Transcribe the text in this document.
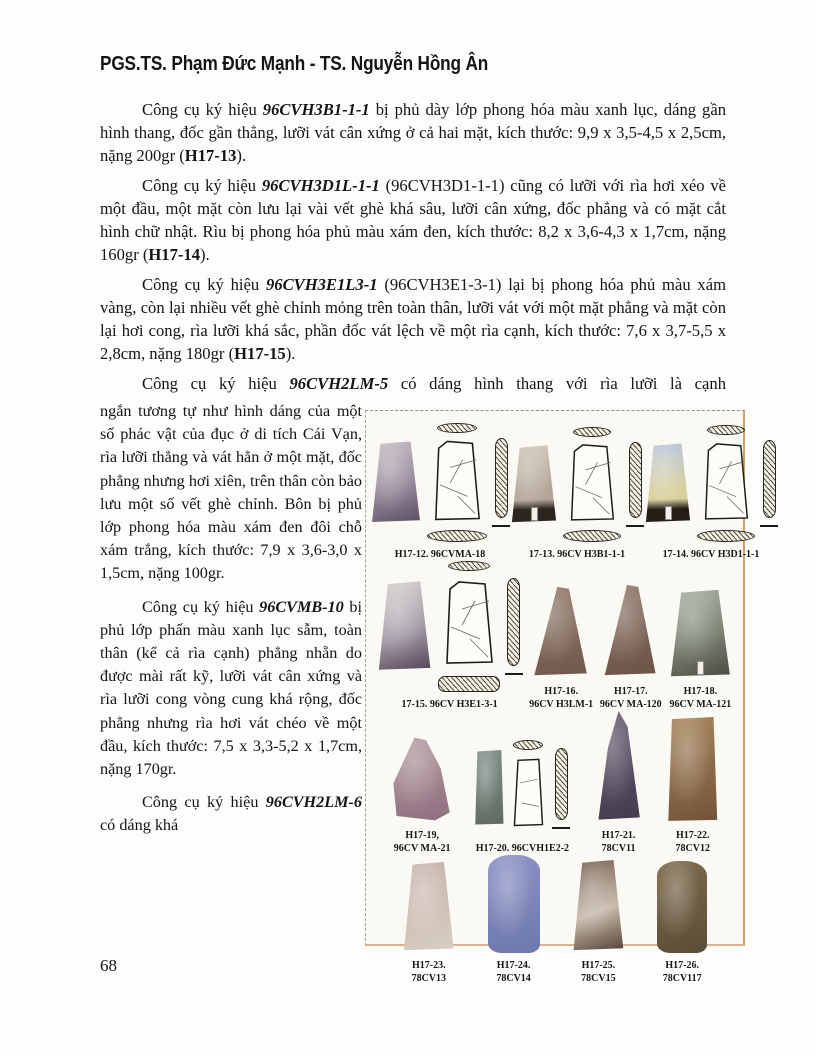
PGS.TS. Phạm Đức Mạnh - TS. Nguyễn Hồng Ân

Công cụ ký hiệu 96CVH3B1-1-1 bị phủ dày lớp phong hóa màu xanh lục, dáng gần hình thang, đốc gần thẳng, lưỡi vát cân xứng ở cả hai mặt, kích thước: 9,9 x 3,5-4,5 x 2,5cm, nặng 200gr (H17-13).

Công cụ ký hiệu 96CVH3D1L-1-1 (96CVH3D1-1-1) cũng có lưỡi với rìa hơi xéo về một đầu, một mặt còn lưu lại vài vết ghè khá sâu, lưỡi cân xứng, đốc phẳng và có mặt cắt hình chữ nhật. Rìu bị phong hóa phủ màu xám đen, kích thước: 8,2 x 3,6-4,3 x 1,7cm, nặng 160gr (H17-14).

Công cụ ký hiệu 96CVH3E1L3-1 (96CVH3E1-3-1) lại bị phong hóa phủ màu xám vàng, còn lại nhiều vết ghè chỉnh mỏng trên toàn thân, lưỡi vát với một mặt phẳng và mặt còn lại hơi cong, rìa lưỡi khá sắc, phần đốc vát lệch về một rìa cạnh, kích thước: 7,6 x 3,7-5,5 x 2,8cm, nặng 180gr (H17-15).

Công cụ ký hiệu 96CVH2LM-5 có dáng hình thang với rìa lưỡi là cạnh

ngắn tương tự như hình dáng của một số phác vật của đục ở di tích Cái Vạn, rìa lưỡi thẳng và vát hẳn ở một mặt, đốc phẳng nhưng hơi xiên, trên thân còn bảo lưu một số vết ghè chỉnh. Bôn bị phủ lớp phong hóa màu xám đen đôi chỗ xám trắng, kích thước: 7,9 x 3,6-3,0 x 1,5cm, nặng 100gr.

Công cụ ký hiệu 96CVMB-10 bị phủ lớp phấn màu xanh lục sẫm, toàn thân (kể cả rìa cạnh) phẳng nhẵn do được mài rất kỹ, lưỡi vát cân xứng và rìa lưỡi cong vòng cung khá rộng, đốc phẳng nhưng rìa hơi vát chéo về một đầu, kích thước: 7,5 x 3,3-5,2 x 1,7cm, nặng 170gr.

Công cụ ký hiệu 96CVH2LM-6 có dáng khá

H17-12. 96CVMA-18	17-13. 96CV H3B1-1-1	17-14. 96CV H3D1-1-1
17-15. 96CV H3E1-3-1
H17-16.
96CV H3LM-1
H17-17.
96CV MA-120
H17-18.
96CV MA-121
H17-19,
96CV MA-21	H17-20. 96CVH1E2-2
H17-21.
78CV11
H17-22.
78CV12
H17-23.
78CV13
H17-24.
78CV14
H17-25.
78CV15
H17-26.
78CV117
68
